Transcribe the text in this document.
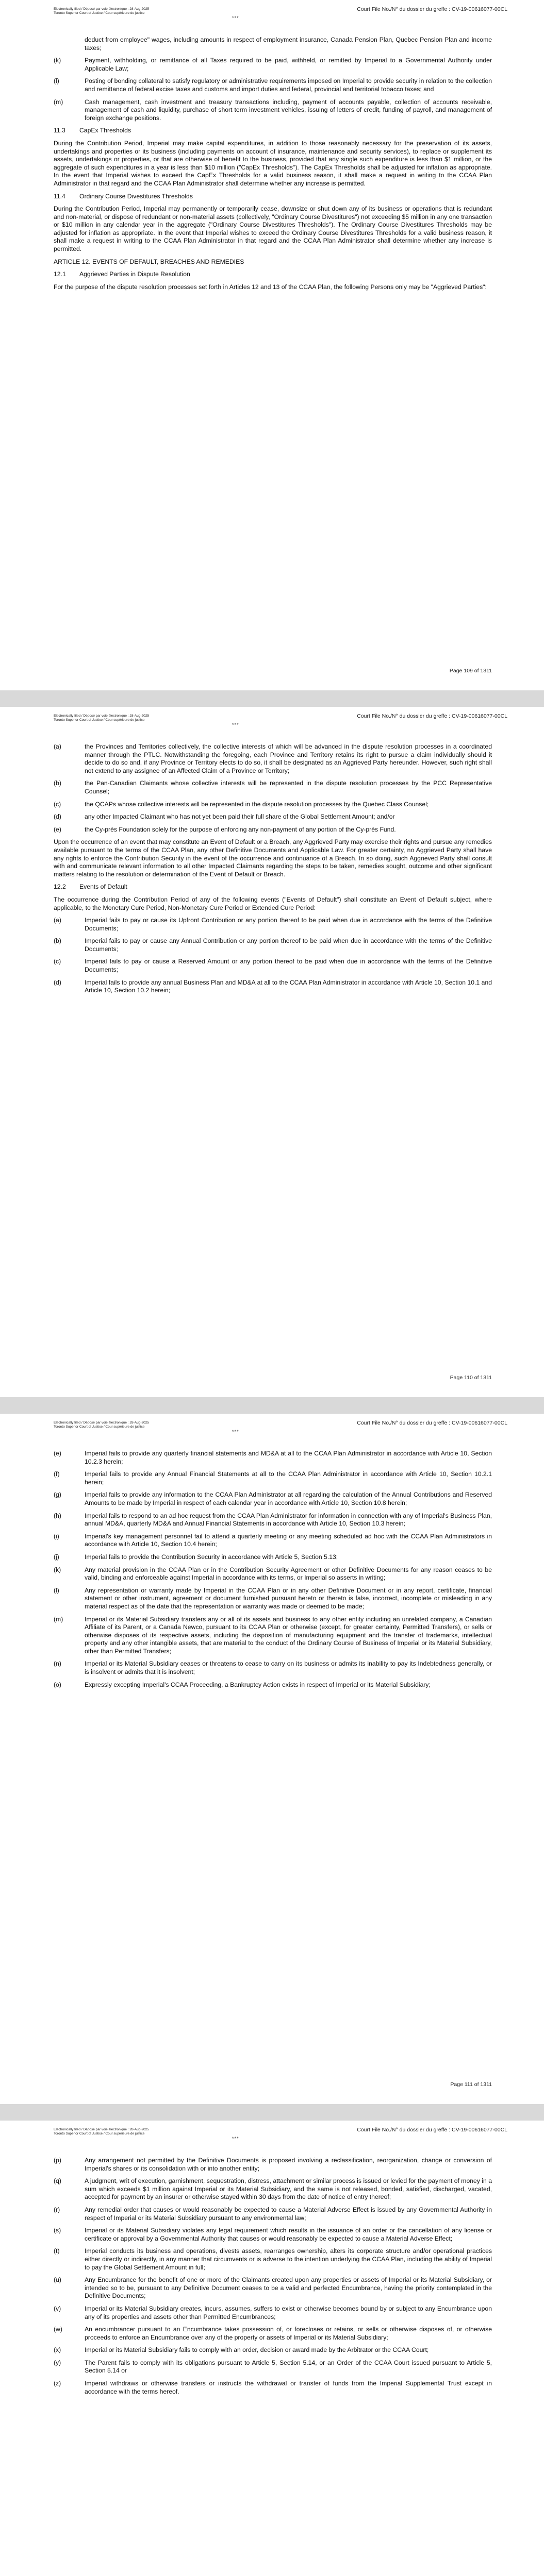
Electronically filed / Déposé par voie électronique : 28-Aug-2025
Toronto Superior Court of Justice / Cour supérieure de justice
Court File No./N° du dossier du greffe : CV-19-00616077-00CL
***
deduct from employee" wages, including amounts in respect of employment insurance, Canada Pension Plan, Quebec Pension Plan and income taxes;
(k)	Payment, withholding, or remittance of all Taxes required to be paid, withheld, or remitted by Imperial to a Governmental Authority under Applicable Law;
(l)	Posting of bonding collateral to satisfy regulatory or administrative requirements imposed on Imperial to provide security in relation to the collection and remittance of federal excise taxes and customs and import duties and federal, provincial and territorial tobacco taxes; and
(m)	Cash management, cash investment and treasury transactions including, payment of accounts payable, collection of accounts receivable, management of cash and liquidity, purchase of short term investment vehicles, issuing of letters of credit, funding of payroll, and management of foreign exchange positions.
11.3	CapEx Thresholds
During the Contribution Period, Imperial may make capital expenditures, in addition to those reasonably necessary for the preservation of its assets, undertakings and properties or its business (including payments on account of insurance, maintenance and security services), to replace or supplement its assets, undertakings or properties, or that are otherwise of benefit to the business, provided that any single such expenditure is less than $1 million, or the aggregate of such expenditures in a year is less than $10 million ("CapEx Thresholds"). The CapEx Thresholds shall be adjusted for inflation as appropriate. In the event that Imperial wishes to exceed the CapEx Thresholds for a valid business reason, it shall make a request in writing to the CCAA Plan Administrator in that regard and the CCAA Plan Administrator shall determine whether any increase is permitted.
11.4	Ordinary Course Divestitures Thresholds
During the Contribution Period, Imperial may permanently or temporarily cease, downsize or shut down any of its business or operations that is redundant and non-material, or dispose of redundant or non-material assets (collectively, "Ordinary Course Divestitures") not exceeding $5 million in any one transaction or $10 million in any calendar year in the aggregate ("Ordinary Course Divestitures Thresholds"). The Ordinary Course Divestitures Thresholds may be adjusted for inflation as appropriate. In the event that Imperial wishes to exceed the Ordinary Course Divestitures Thresholds for a valid business reason, it shall make a request in writing to the CCAA Plan Administrator in that regard and the CCAA Plan Administrator shall determine whether any increase is permitted.
ARTICLE 12. EVENTS OF DEFAULT, BREACHES AND REMEDIES
12.1	Aggrieved Parties in Dispute Resolution
For the purpose of the dispute resolution processes set forth in Articles 12 and 13 of the CCAA Plan, the following Persons only may be "Aggrieved Parties":
Page 109 of 1311
Electronically filed / Déposé par voie électronique : 28-Aug-2025
Toronto Superior Court of Justice / Cour supérieure de justice
Court File No./N° du dossier du greffe : CV-19-00616077-00CL
***
(a)	the Provinces and Territories collectively, the collective interests of which will be advanced in the dispute resolution processes in a coordinated manner through the PTLC. Notwithstanding the foregoing, each Province and Territory retains its right to pursue a claim individually should it decide to do so and, if any Province or Territory elects to do so, it shall be designated as an Aggrieved Party hereunder. However, such right shall not extend to any assignee of an Affected Claim of a Province or Territory;
(b)	the Pan-Canadian Claimants whose collective interests will be represented in the dispute resolution processes by the PCC Representative Counsel;
(c)	the QCAPs whose collective interests will be represented in the dispute resolution processes by the Quebec Class Counsel;
(d)	any other Impacted Claimant who has not yet been paid their full share of the Global Settlement Amount; and/or
(e)	the Cy-près Foundation solely for the purpose of enforcing any non-payment of any portion of the Cy-près Fund.
Upon the occurrence of an event that may constitute an Event of Default or a Breach, any Aggrieved Party may exercise their rights and pursue any remedies available pursuant to the terms of the CCAA Plan, any other Definitive Documents and Applicable Law. For greater certainty, no Aggrieved Party shall have any rights to enforce the Contribution Security in the event of the occurrence and continuance of a Breach. In so doing, such Aggrieved Party shall consult with and communicate relevant information to all other Impacted Claimants regarding the steps to be taken, remedies sought, outcome and other significant matters relating to the resolution or determination of the Event of Default or Breach.
12.2	Events of Default
The occurrence during the Contribution Period of any of the following events ("Events of Default") shall constitute an Event of Default subject, where applicable, to the Monetary Cure Period, Non-Monetary Cure Period or Extended Cure Period:
(a)	Imperial fails to pay or cause its Upfront Contribution or any portion thereof to be paid when due in accordance with the terms of the Definitive Documents;
(b)	Imperial fails to pay or cause any Annual Contribution or any portion thereof to be paid when due in accordance with the terms of the Definitive Documents;
(c)	Imperial fails to pay or cause a Reserved Amount or any portion thereof to be paid when due in accordance with the terms of the Definitive Documents;
(d)	Imperial fails to provide any annual Business Plan and MD&A at all to the CCAA Plan Administrator in accordance with Article 10, Section 10.1 and Article 10, Section 10.2 herein;
Page 110 of 1311
Electronically filed / Déposé par voie électronique : 28-Aug-2025
Toronto Superior Court of Justice / Cour supérieure de justice
Court File No./N° du dossier du greffe : CV-19-00616077-00CL
***
(e)	Imperial fails to provide any quarterly financial statements and MD&A at all to the CCAA Plan Administrator in accordance with Article 10, Section 10.2.3 herein;
(f)	Imperial fails to provide any Annual Financial Statements at all to the CCAA Plan Administrator in accordance with Article 10, Section 10.2.1 herein;
(g)	Imperial fails to provide any information to the CCAA Plan Administrator at all regarding the calculation of the Annual Contributions and Reserved Amounts to be made by Imperial in respect of each calendar year in accordance with Article 10, Section 10.8 herein;
(h)	Imperial fails to respond to an ad hoc request from the CCAA Plan Administrator for information in connection with any of Imperial's Business Plan, annual MD&A, quarterly MD&A and Annual Financial Statements in accordance with Article 10, Section 10.3 herein;
(i)	Imperial's key management personnel fail to attend a quarterly meeting or any meeting scheduled ad hoc with the CCAA Plan Administrators in accordance with Article 10, Section 10.4 herein;
(j)	Imperial fails to provide the Contribution Security in accordance with Article 5, Section 5.13;
(k)	Any material provision in the CCAA Plan or in the Contribution Security Agreement or other Definitive Documents for any reason ceases to be valid, binding and enforceable against Imperial in accordance with its terms, or Imperial so asserts in writing;
(l)	Any representation or warranty made by Imperial in the CCAA Plan or in any other Definitive Document or in any report, certificate, financial statement or other instrument, agreement or document furnished pursuant hereto or thereto is false, incorrect, incomplete or misleading in any material respect as of the date that the representation or warranty was made or deemed to be made;
(m)	Imperial or its Material Subsidiary transfers any or all of its assets and business to any other entity including an unrelated company, a Canadian Affiliate of its Parent, or a Canada Newco, pursuant to its CCAA Plan or otherwise (except, for greater certainty, Permitted Transfers), or sells or otherwise disposes of its respective assets, including the disposition of manufacturing equipment and the transfer of trademarks, intellectual property and any other intangible assets, that are material to the conduct of the Ordinary Course of Business of Imperial or its Material Subsidiary, other than Permitted Transfers;
(n)	Imperial or its Material Subsidiary ceases or threatens to cease to carry on its business or admits its inability to pay its Indebtedness generally, or is insolvent or admits that it is insolvent;
(o)	Expressly excepting Imperial's CCAA Proceeding, a Bankruptcy Action exists in respect of Imperial or its Material Subsidiary;
Page 111 of 1311
Electronically filed / Déposé par voie électronique : 28-Aug-2025
Toronto Superior Court of Justice / Cour supérieure de justice
Court File No./N° du dossier du greffe : CV-19-00616077-00CL
***
(p)	Any arrangement not permitted by the Definitive Documents is proposed involving a reclassification, reorganization, change or conversion of Imperial's shares or its consolidation with or into another entity;
(q)	A judgment, writ of execution, garnishment, sequestration, distress, attachment or similar process is issued or levied for the payment of money in a sum which exceeds $1 million against Imperial or its Material Subsidiary, and the same is not released, bonded, satisfied, discharged, vacated, accepted for payment by an insurer or otherwise stayed within 30 days from the date of notice of entry thereof;
(r)	Any remedial order that causes or would reasonably be expected to cause a Material Adverse Effect is issued by any Governmental Authority in respect of Imperial or its Material Subsidiary pursuant to any environmental law;
(s)	Imperial or its Material Subsidiary violates any legal requirement which results in the issuance of an order or the cancellation of any license or certificate or approval by a Governmental Authority that causes or would reasonably be expected to cause a Material Adverse Effect;
(t)	Imperial conducts its business and operations, divests assets, rearranges ownership, alters its corporate structure and/or operational practices either directly or indirectly, in any manner that circumvents or is adverse to the intention underlying the CCAA Plan, including the ability of Imperial to pay the Global Settlement Amount in full;
(u)	Any Encumbrance for the benefit of one or more of the Claimants created upon any properties or assets of Imperial or its Material Subsidiary, or intended so to be, pursuant to any Definitive Document ceases to be a valid and perfected Encumbrance, having the priority contemplated in the Definitive Documents;
(v)	Imperial or its Material Subsidiary creates, incurs, assumes, suffers to exist or otherwise becomes bound by or subject to any Encumbrance upon any of its properties and assets other than Permitted Encumbrances;
(w)	An encumbrancer pursuant to an Encumbrance takes possession of, or forecloses or retains, or sells or otherwise disposes of, or otherwise proceeds to enforce an Encumbrance over any of the property or assets of Imperial or its Material Subsidiary;
(x)	Imperial or its Material Subsidiary fails to comply with an order, decision or award made by the Arbitrator or the CCAA Court;
(y)	The Parent fails to comply with its obligations pursuant to Article 5, Section 5.14, or an Order of the CCAA Court issued pursuant to Article 5, Section 5.14 or
(z)	Imperial withdraws or otherwise transfers or instructs the withdrawal or transfer of funds from the Imperial Supplemental Trust except in accordance with the terms hereof.
